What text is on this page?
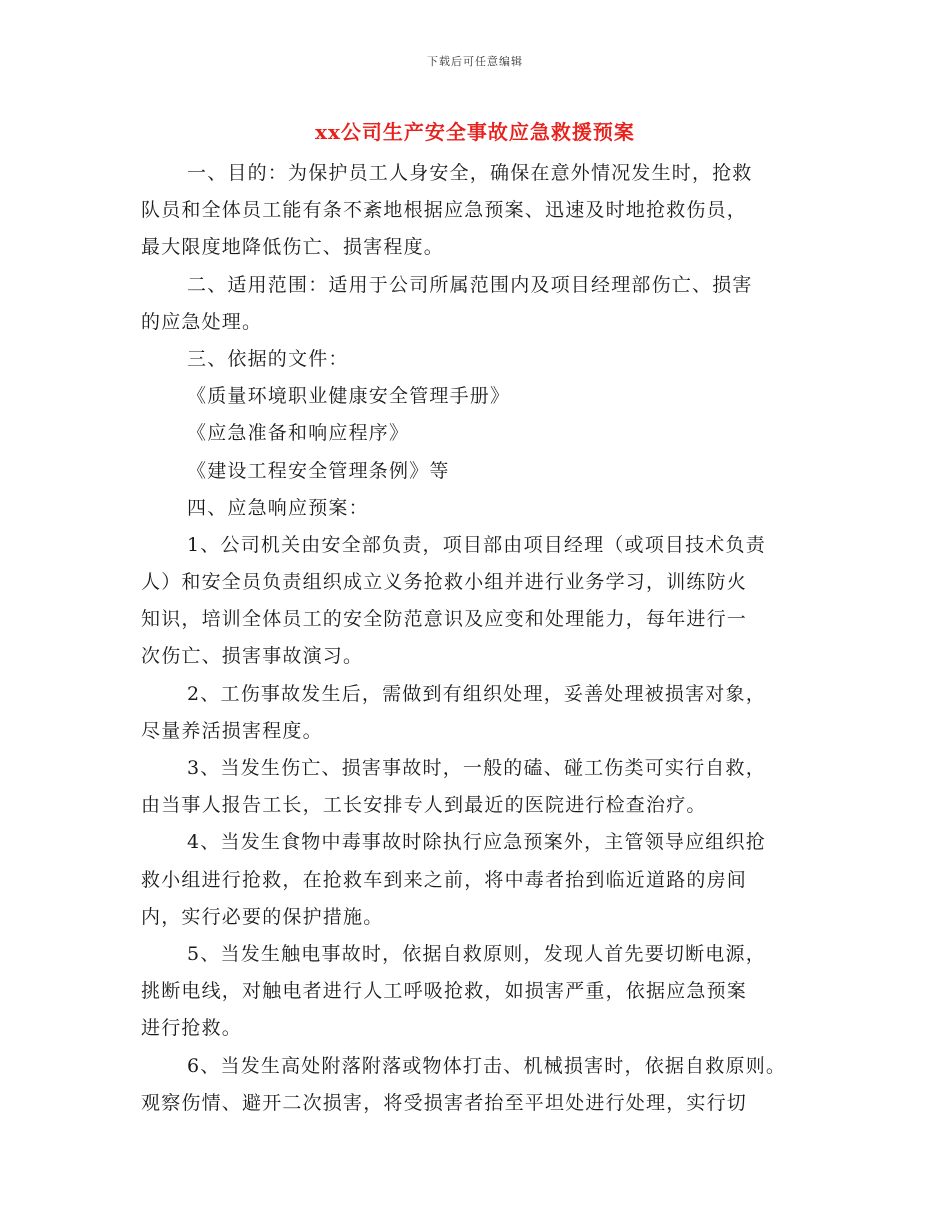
下载后可任意编辑
xx公司生产安全事故应急救援预案
一、目的：为保护员工人身安全，确保在意外情况发生时，抢救
队员和全体员工能有条不紊地根据应急预案、迅速及时地抢救伤员，
最大限度地降低伤亡、损害程度。
二、适用范围：适用于公司所属范围内及项目经理部伤亡、损害
的应急处理。
三、依据的文件：
《质量环境职业健康安全管理手册》
《应急准备和响应程序》
《建设工程安全管理条例》等
四、应急响应预案：
1、公司机关由安全部负责，项目部由项目经理（或项目技术负责
人）和安全员负责组织成立义务抢救小组并进行业务学习，训练防火
知识，培训全体员工的安全防范意识及应变和处理能力，每年进行一
次伤亡、损害事故演习。
2、工伤事故发生后，需做到有组织处理，妥善处理被损害对象，
尽量养活损害程度。
3、当发生伤亡、损害事故时，一般的磕、碰工伤类可实行自救，
由当事人报告工长，工长安排专人到最近的医院进行检查治疗。
4、当发生食物中毒事故时除执行应急预案外，主管领导应组织抢
救小组进行抢救，在抢救车到来之前，将中毒者抬到临近道路的房间
内，实行必要的保护措施。
5、当发生触电事故时，依据自救原则，发现人首先要切断电源，
挑断电线，对触电者进行人工呼吸抢救，如损害严重，依据应急预案
进行抢救。
6、当发生高处附落附落或物体打击、机械损害时，依据自救原则。
观察伤情、避开二次损害，将受损害者抬至平坦处进行处理，实行切
